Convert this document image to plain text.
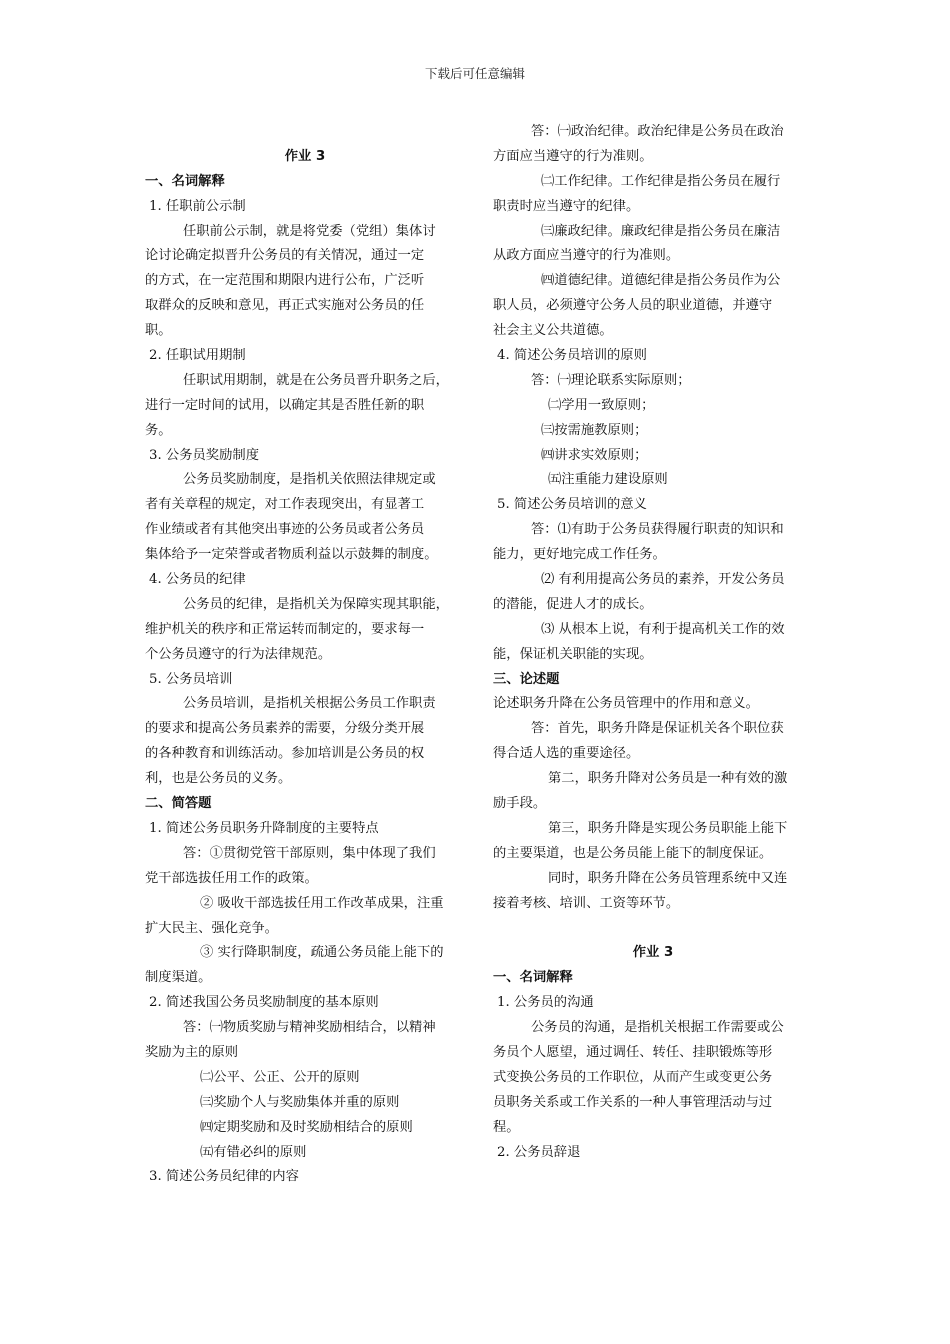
下载后可任意编辑
作业 3
一、名词解释
1. 任职前公示制
任职前公示制，就是将党委（党组）集体讨
论讨论确定拟晋升公务员的有关情况，通过一定
的方式，在一定范围和期限内进行公布，广泛听
取群众的反映和意见，再正式实施对公务员的任
职。
2. 任职试用期制
任职试用期制，就是在公务员晋升职务之后，
进行一定时间的试用，以确定其是否胜任新的职
务。
3. 公务员奖励制度
公务员奖励制度，是指机关依照法律规定或
者有关章程的规定，对工作表现突出，有显著工
作业绩或者有其他突出事迹的公务员或者公务员
集体给予一定荣誉或者物质利益以示鼓舞的制度。
4. 公务员的纪律
公务员的纪律，是指机关为保障实现其职能，
维护机关的秩序和正常运转而制定的，要求每一
个公务员遵守的行为法律规范。
5. 公务员培训
公务员培训，是指机关根据公务员工作职责
的要求和提高公务员素养的需要，分级分类开展
的各种教育和训练活动。参加培训是公务员的权
利，也是公务员的义务。
二、简答题
1. 简述公务员职务升降制度的主要特点
答：①贯彻党管干部原则，集中体现了我们
党干部选拔任用工作的政策。
② 吸收干部选拔任用工作改革成果，注重
扩大民主、强化竞争。
③ 实行降职制度，疏通公务员能上能下的
制度渠道。
2. 简述我国公务员奖励制度的基本原则
答：㈠物质奖励与精神奖励相结合，以精神
奖励为主的原则
㈡公平、公正、公开的原则
㈢奖励个人与奖励集体并重的原则
㈣定期奖励和及时奖励相结合的原则
㈤有错必纠的原则
3. 简述公务员纪律的内容
答：㈠政治纪律。政治纪律是公务员在政治
方面应当遵守的行为准则。
㈡工作纪律。工作纪律是指公务员在履行
职责时应当遵守的纪律。
㈢廉政纪律。廉政纪律是指公务员在廉洁
从政方面应当遵守的行为准则。
㈣道德纪律。道德纪律是指公务员作为公
职人员，必须遵守公务人员的职业道德，并遵守
社会主义公共道德。
4. 简述公务员培训的原则
答：㈠理论联系实际原则；
㈡学用一致原则；
㈢按需施教原则；
㈣讲求实效原则；
㈤注重能力建设原则
5. 简述公务员培训的意义
答：⑴有助于公务员获得履行职责的知识和
能力，更好地完成工作任务。
⑵ 有利用提高公务员的素养，开发公务员
的潜能，促进人才的成长。
⑶ 从根本上说，有利于提高机关工作的效
能，保证机关职能的实现。
三、论述题
论述职务升降在公务员管理中的作用和意义。
答：首先，职务升降是保证机关各个职位获
得合适人选的重要途径。
第二，职务升降对公务员是一种有效的激
励手段。
第三，职务升降是实现公务员职能上能下
的主要渠道，也是公务员能上能下的制度保证。
同时，职务升降在公务员管理系统中又连
接着考核、培训、工资等环节。
作业 3
一、名词解释
1. 公务员的沟通
公务员的沟通，是指机关根据工作需要或公
务员个人愿望，通过调任、转任、挂职锻炼等形
式变换公务员的工作职位，从而产生或变更公务
员职务关系或工作关系的一种人事管理活动与过
程。
2. 公务员辞退
